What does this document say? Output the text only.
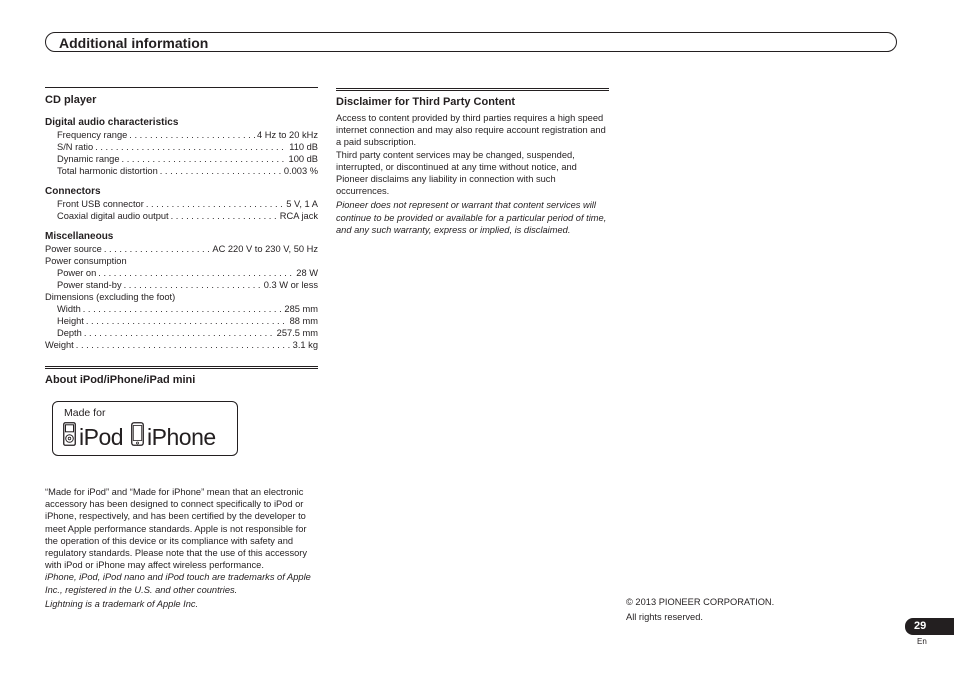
Additional information
CD player
Digital audio characteristics
Frequency range . . .	4 Hz to 20 kHz
S/N ratio . . .	110 dB
Dynamic range . . .	100 dB
Total harmonic distortion . . .	0.003 %
Connectors
Front USB connector . . .	5 V, 1 A
Coaxial digital audio output . . .	RCA jack
Miscellaneous
Power source . . .	AC 220 V to 230 V, 50 Hz
Power consumption
Power on . . .	28 W
Power stand-by . . .	0.3 W or less
Dimensions (excluding the foot)
Width . . .	285 mm
Height . . .	88 mm
Depth . . .	257.5 mm
Weight . . .	3.1 kg
About iPod/iPhone/iPad mini

“Made for iPod” and “Made for iPhone” mean that an electronic accessory has been designed to connect specifically to iPod or iPhone, respectively, and has been certified by the developer to meet Apple performance standards. Apple is not responsible for the operation of this device or its compliance with safety and regulatory standards. Please note that the use of this accessory with iPod or iPhone may affect wireless performance.

iPhone, iPod, iPod nano and iPod touch are trademarks of Apple Inc., registered in the U.S. and other countries.

Lightning is a trademark of Apple Inc.

Made for
iPod iPhone
Disclaimer for Third Party Content

Access to content provided by third parties requires a high speed internet connection and may also require account registration and a paid subscription.

Third party content services may be changed, suspended, interrupted, or discontinued at any time without notice, and Pioneer disclaims any liability in connection with such occurrences.

Pioneer does not represent or warrant that content services will continue to be provided or available for a particular period of time, and any such warranty, express or implied, is disclaimed.

© 2013 PIONEER CORPORATION.
All rights reserved.
29
En
